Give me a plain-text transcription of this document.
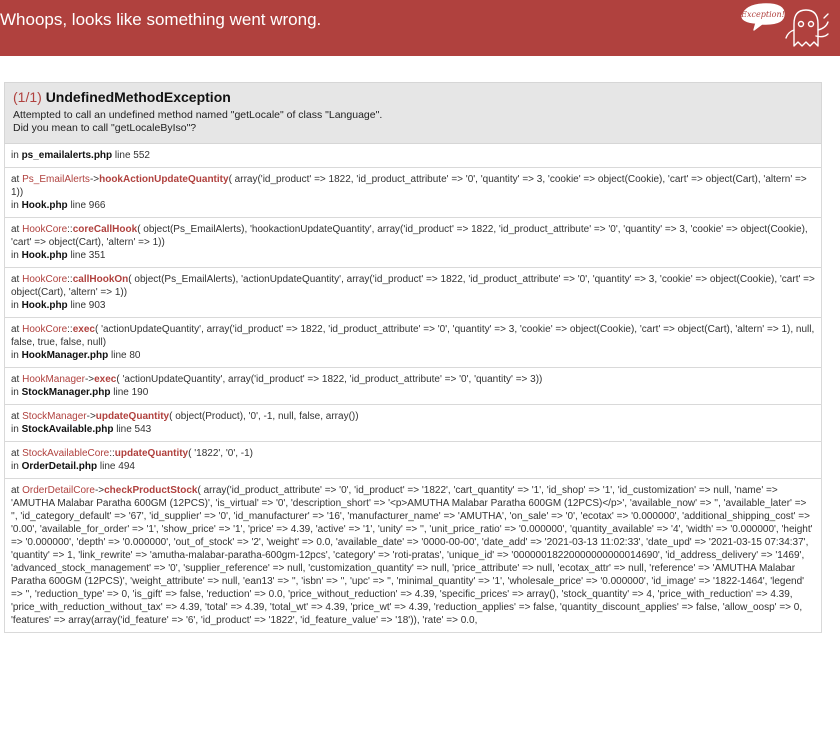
Whoops, looks like something went wrong.	Exception!
(1/1) UndefinedMethodException
Attempted to call an undefined method named "getLocale" of class "Language".
Did you mean to call "getLocaleByIso"?
in ps_emailalerts.php line 552
at Ps_EmailAlerts->hookActionUpdateQuantity( array('id_product' => 1822, 'id_product_attribute' => '0', 'quantity' => 3, 'cookie' => object(Cookie), 'cart' => object(Cart), 'altern' => 1))
in Hook.php line 966
at HookCore::coreCallHook( object(Ps_EmailAlerts), 'hookactionUpdateQuantity', array('id_product' => 1822, 'id_product_attribute' => '0', 'quantity' => 3, 'cookie' => object(Cookie), 'cart' => object(Cart), 'altern' => 1))
in Hook.php line 351
at HookCore::callHookOn( object(Ps_EmailAlerts), 'actionUpdateQuantity', array('id_product' => 1822, 'id_product_attribute' => '0', 'quantity' => 3, 'cookie' => object(Cookie), 'cart' => object(Cart), 'altern' => 1))
in Hook.php line 903
at HookCore::exec( 'actionUpdateQuantity', array('id_product' => 1822, 'id_product_attribute' => '0', 'quantity' => 3, 'cookie' => object(Cookie), 'cart' => object(Cart), 'altern' => 1), null, false, true, false, null)
in HookManager.php line 80
at HookManager->exec( 'actionUpdateQuantity', array('id_product' => 1822, 'id_product_attribute' => '0', 'quantity' => 3))
in StockManager.php line 190
at StockManager->updateQuantity( object(Product), '0', -1, null, false, array())
in StockAvailable.php line 543
at StockAvailableCore::updateQuantity( '1822', '0', -1)
in OrderDetail.php line 494
at OrderDetailCore->checkProductStock( array('id_product_attribute' => '0', 'id_product' => '1822', 'cart_quantity' => '1', 'id_shop' => '1', 'id_customization' => null, 'name' => 'AMUTHA Malabar Paratha 600GM (12PCS)', 'is_virtual' => '0', 'description_short' => '<p>AMUTHA Malabar Paratha 600GM (12PCS)</p>', 'available_now' => '', 'available_later' => '', 'id_category_default' => '67', 'id_supplier' => '0', 'id_manufacturer' => '16', 'manufacturer_name' => 'AMUTHA', 'on_sale' => '0', 'ecotax' => '0.000000', 'additional_shipping_cost' => '0.00', 'available_for_order' => '1', 'show_price' => '1', 'price' => 4.39, 'active' => '1', 'unity' => '', 'unit_price_ratio' => '0.000000', 'quantity_available' => '4', 'width' => '0.000000', 'height' => '0.000000', 'depth' => '0.000000', 'out_of_stock' => '2', 'weight' => 0.0, 'available_date' => '0000-00-00', 'date_add' => '2021-03-13 11:02:33', 'date_upd' => '2021-03-15 07:34:37', 'quantity' => 1, 'link_rewrite' => 'amutha-malabar-paratha-600gm-12pcs', 'category' => 'roti-pratas', 'unique_id' => '00000018220000000000014690', 'id_address_delivery' => '1469', 'advanced_stock_management' => '0', 'supplier_reference' => null, 'customization_quantity' => null, 'price_attribute' => null, 'ecotax_attr' => null, 'reference' => 'AMUTHA Malabar Paratha 600GM (12PCS)', 'weight_attribute' => null, 'ean13' => '', 'isbn' => '', 'upc' => '', 'minimal_quantity' => '1', 'wholesale_price' => '0.000000', 'id_image' => '1822-1464', 'legend' => '', 'reduction_type' => 0, 'is_gift' => false, 'reduction' => 0.0, 'price_without_reduction' => 4.39, 'specific_prices' => array(), 'stock_quantity' => 4, 'price_with_reduction' => 4.39, 'price_with_reduction_without_tax' => 4.39, 'total' => 4.39, 'total_wt' => 4.39, 'price_wt' => 4.39, 'reduction_applies' => false, 'quantity_discount_applies' => false, 'allow_oosp' => 0, 'features' => array(array('id_feature' => '6', 'id_product' => '1822', 'id_feature_value' => '18')), 'rate' => 0.0,
